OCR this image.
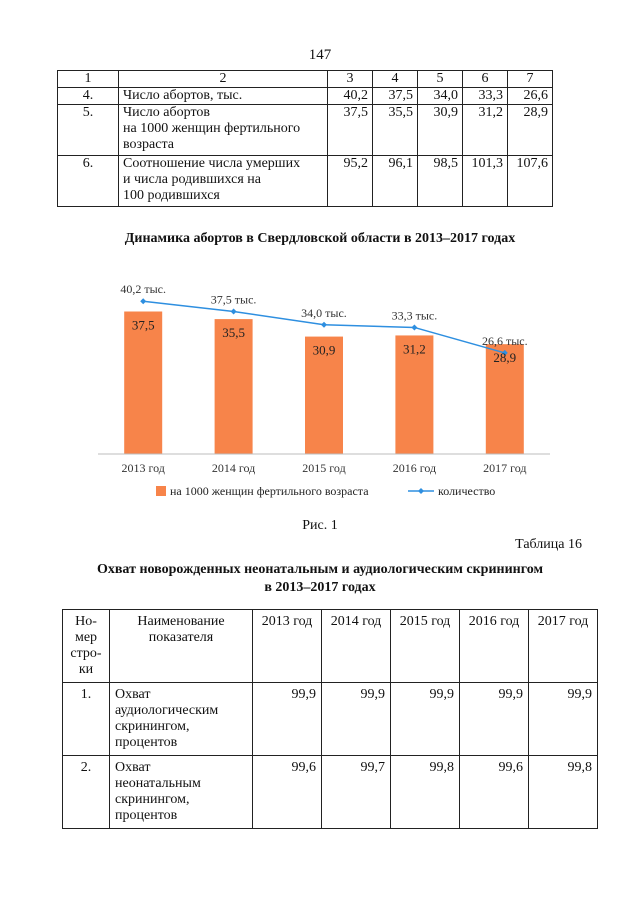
147
1	2	3	4	5	6	7
4.	Число абортов, тыс.	40,2	37,5	34,0	33,3	26,6
5.	Число абортов
на 1000 женщин фертильного
возраста	37,5	35,5	30,9	31,2	28,9
6.	Соотношение числа умерших
и числа родившихся на
100 родившихся	95,2	96,1	98,5	101,3	107,6
Динамика абортов в Свердловской области в 2013–2017 годах
37,5
35,5
30,9	31,2
28,9
40,2 тыс.
37,5 тыс.
34,0 тыс.	33,3 тыс.
26,6 тыс.
2013 год	2014 год	2015 год	2016 год	2017 год
на 1000 женщин фертильного возраста	количество
Рис. 1
Таблица 16
Охват новорожденных неонатальным и аудиологическим скринингом
в 2013–2017 годах
Но-
мер
стро-
ки	Наименование
показателя	2013 год	2014 год	2015 год	2016 год	2017 год
1.	Охват
аудиологическим
скринингом,
процентов	99,9	99,9	99,9	99,9	99,9
2.	Охват
неонатальным
скринингом,
процентов	99,6	99,7	99,8	99,6	99,8
